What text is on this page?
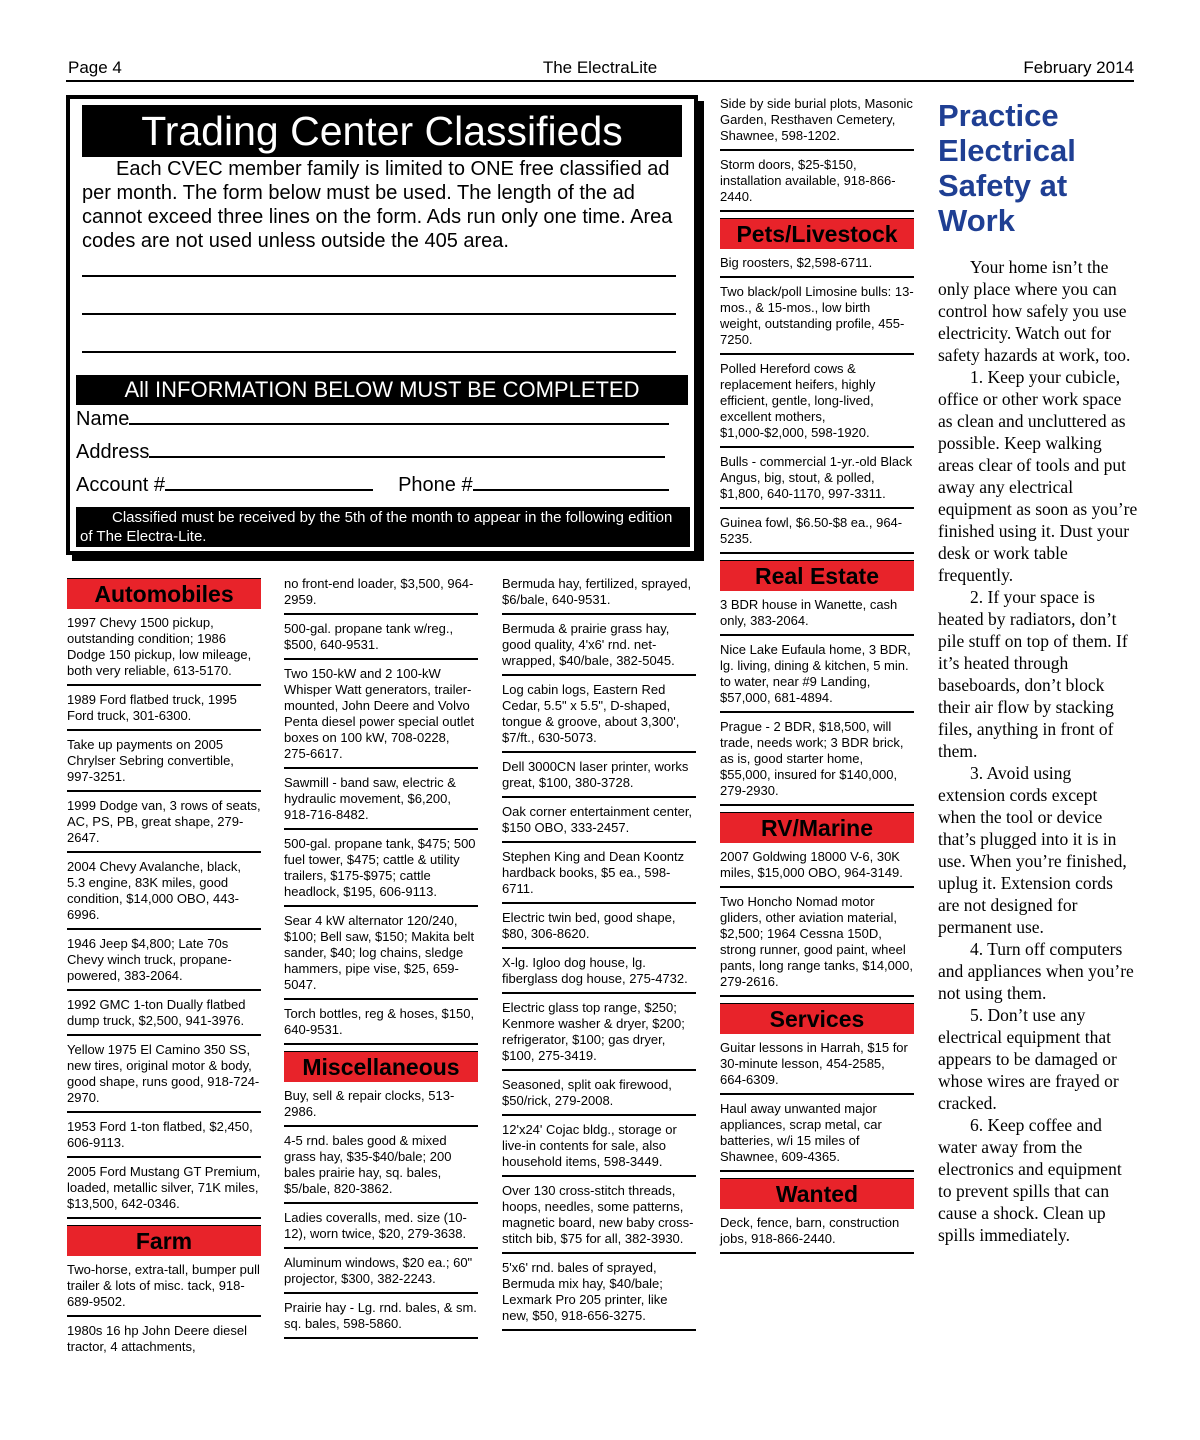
Page 4	The ElectraLite	February 2014
Trading Center Classifieds
Each CVEC member family is limited to ONE free classified ad per month. The form below must be used. The length of the ad cannot exceed three lines on the form. Ads run only one time. Area codes are not used unless outside the 405 area.
All INFORMATION BELOW MUST BE COMPLETED
Name
Address
Account #	Phone #
Classified must be received by the 5th of the month to appear in the following edition of The Electra-Lite.
Automobiles
1997 Chevy 1500 pickup, outstanding condition; 1986 Dodge 150 pickup, low mileage, both very reliable, 613-5170.
1989 Ford flatbed truck, 1995 Ford truck, 301-6300.
Take up payments on 2005 Chrylser Sebring convertible, 997-3251.
1999 Dodge van, 3 rows of seats, AC, PS, PB, great shape, 279-2647.
2004 Chevy Avalanche, black, 5.3 engine, 83K miles, good condition, $14,000 OBO, 443-6996.
1946 Jeep $4,800; Late 70s Chevy winch truck, propane-powered, 383-2064.
1992 GMC 1-ton Dually flatbed dump truck, $2,500, 941-3976.
Yellow 1975 El Camino 350 SS, new tires, original motor & body, good shape, runs good, 918-724-2970.
1953 Ford 1-ton flatbed, $2,450, 606-9113.
2005 Ford Mustang GT Premium, loaded, metallic silver, 71K miles, $13,500, 642-0346.
Farm
Two-horse, extra-tall, bumper pull trailer & lots of misc. tack, 918-689-9502.
1980s 16 hp John Deere diesel tractor, 4 attachments,
no front-end loader, $3,500, 964-2959.
500-gal. propane tank w/reg., $500, 640-9531.
Two 150-kW and 2 100-kW Whisper Watt generators, trailer-mounted, John Deere and Volvo Penta diesel power special outlet boxes on 100 kW, 708-0228, 275-6617.
Sawmill - band saw, electric & hydraulic movement, $6,200, 918-716-8482.
500-gal. propane tank, $475; 500 fuel tower, $475; cattle & utility trailers, $175-$975; cattle headlock, $195, 606-9113.
Sear 4 kW alternator 120/240, $100; Bell saw, $150; Makita belt sander, $40; log chains, sledge hammers, pipe vise, $25, 659-5047.
Torch bottles, reg & hoses, $150, 640-9531.
Miscellaneous
Buy, sell & repair clocks, 513-2986.
4-5 rnd. bales good & mixed grass hay, $35-$40/bale; 200 bales prairie hay, sq. bales, $5/bale, 820-3862.
Ladies coveralls, med. size (10-12), worn twice, $20, 279-3638.
Aluminum windows, $20 ea.; 60" projector, $300, 382-2243.
Prairie hay - Lg. rnd. bales, & sm. sq. bales, 598-5860.
Bermuda hay, fertilized, sprayed, $6/bale, 640-9531.
Bermuda & prairie grass hay, good quality, 4'x6' rnd. net-wrapped, $40/bale, 382-5045.
Log cabin logs, Eastern Red Cedar, 5.5" x 5.5", D-shaped, tongue & groove, about 3,300', $7/ft., 630-5073.
Dell 3000CN laser printer, works great, $100, 380-3728.
Oak corner entertainment center, $150 OBO, 333-2457.
Stephen King and Dean Koontz hardback books, $5 ea., 598-6711.
Electric twin bed, good shape, $80, 306-8620.
X-lg. Igloo dog house, lg. fiberglass dog house, 275-4732.
Electric glass top range, $250; Kenmore washer & dryer, $200; refrigerator, $100; gas dryer, $100, 275-3419.
Seasoned, split oak firewood, $50/rick, 279-2008.
12'x24' Cojac bldg., storage or live-in contents for sale, also household items, 598-3449.
Over 130 cross-stitch threads, hoops, needles, some patterns, magnetic board, new baby cross-stitch bib, $75 for all, 382-3930.
5'x6' rnd. bales of sprayed, Bermuda mix hay, $40/bale; Lexmark Pro 205 printer, like new, $50, 918-656-3275.
Side by side burial plots, Masonic Garden, Resthaven Cemetery, Shawnee, 598-1202.
Storm doors, $25-$150, installation available, 918-866-2440.
Pets/Livestock
Big roosters, $2,598-6711.
Two black/poll Limosine bulls: 13-mos., & 15-mos., low birth weight, outstanding profile, 455-7250.
Polled Hereford cows & replacement heifers, highly efficient, gentle, long-lived, excellent mothers, $1,000-$2,000, 598-1920.
Bulls - commercial 1-yr.-old Black Angus, big, stout, & polled, $1,800, 640-1170, 997-3311.
Guinea fowl, $6.50-$8 ea., 964-5235.
Real Estate
3 BDR house in Wanette, cash only, 383-2064.
Nice Lake Eufaula home, 3 BDR, lg. living, dining & kitchen, 5 min. to water, near #9 Landing, $57,000, 681-4894.
Prague - 2 BDR, $18,500, will trade, needs work; 3 BDR brick, as is, good starter home, $55,000, insured for $140,000, 279-2930.
RV/Marine
2007 Goldwing 18000 V-6, 30K miles, $15,000 OBO, 964-3149.
Two Honcho Nomad motor gliders, other aviation material, $2,500; 1964 Cessna 150D, strong runner, good paint, wheel pants, long range tanks, $14,000, 279-2616.
Services
Guitar lessons in Harrah, $15 for 30-minute lesson, 454-2585, 664-6309.
Haul away unwanted major appliances, scrap metal, car batteries, w/i 15 miles of Shawnee, 609-4365.
Wanted
Deck, fence, barn, construction jobs, 918-866-2440.
Practice Electrical Safety at Work

Your home isn’t the only place where you can control how safely you use electricity. Watch out for safety hazards at work, too.

1. Keep your cubicle, office or other work space as clean and uncluttered as possible. Keep walking areas clear of tools and put away any electrical equipment as soon as you’re finished using it. Dust your desk or work table frequently.

2. If your space is heated by radiators, don’t pile stuff on top of them. If it’s heated through baseboards, don’t block their air flow by stacking files, anything in front of them.

3. Avoid using extension cords except when the tool or device that’s plugged into it is in use. When you’re finished, uplug it. Extension cords are not designed for permanent use.

4. Turn off computers and appliances when you’re not using them.

5. Don’t use any electrical equipment that appears to be damaged or whose wires are frayed or cracked.

6. Keep coffee and water away from the electronics and equipment to prevent spills that can cause a shock. Clean up spills immediately.
